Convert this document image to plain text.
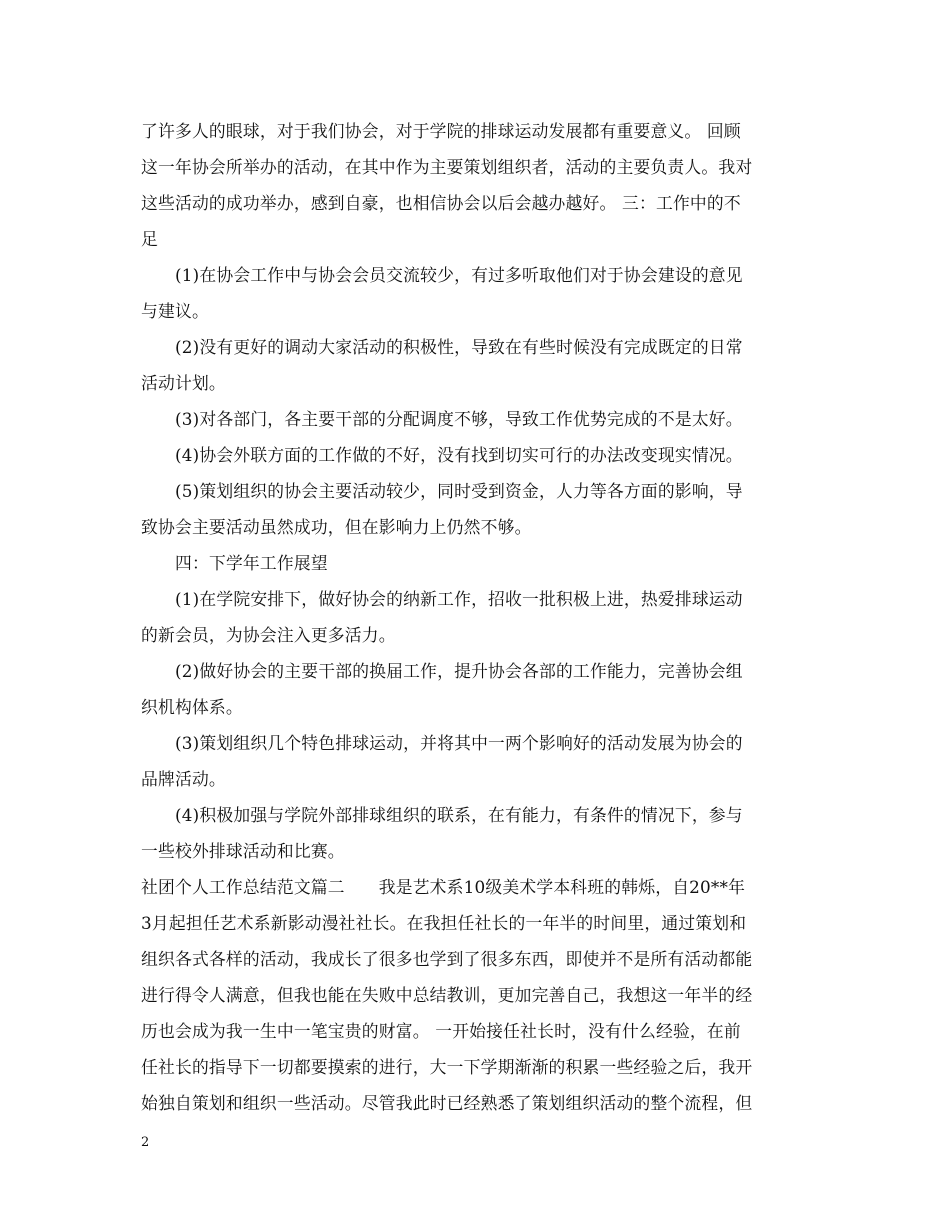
了许多人的眼球，对于我们协会，对于学院的排球运动发展都有重要意义。 回顾
这一年协会所举办的活动，在其中作为主要策划组织者，活动的主要负责人。我对
这些活动的成功举办，感到自豪，也相信协会以后会越办越好。 三：工作中的不
足
(1)在协会工作中与协会会员交流较少，有过多听取他们对于协会建设的意见
与建议。
(2)没有更好的调动大家活动的积极性，导致在有些时候没有完成既定的日常
活动计划。
(3)对各部门，各主要干部的分配调度不够，导致工作优势完成的不是太好。
(4)协会外联方面的工作做的不好，没有找到切实可行的办法改变现实情况。
(5)策划组织的协会主要活动较少，同时受到资金，人力等各方面的影响，导
致协会主要活动虽然成功，但在影响力上仍然不够。
四：下学年工作展望
(1)在学院安排下，做好协会的纳新工作，招收一批积极上进，热爱排球运动
的新会员，为协会注入更多活力。
(2)做好协会的主要干部的换届工作，提升协会各部的工作能力，完善协会组
织机构体系。
(3)策划组织几个特色排球运动，并将其中一两个影响好的活动发展为协会的
品牌活动。
(4)积极加强与学院外部排球组织的联系，在有能力，有条件的情况下，参与
一些校外排球活动和比赛。
社团个人工作总结范文篇二　　我是艺术系10级美术学本科班的韩烁，自20**年
3月起担任艺术系新影动漫社社长。在我担任社长的一年半的时间里，通过策划和
组织各式各样的活动，我成长了很多也学到了很多东西，即使并不是所有活动都能
进行得令人满意，但我也能在失败中总结教训，更加完善自己，我想这一年半的经
历也会成为我一生中一笔宝贵的财富。 一开始接任社长时，没有什么经验，在前
任社长的指导下一切都要摸索的进行，大一下学期渐渐的积累一些经验之后，我开
始独自策划和组织一些活动。尽管我此时已经熟悉了策划组织活动的整个流程，但
2
